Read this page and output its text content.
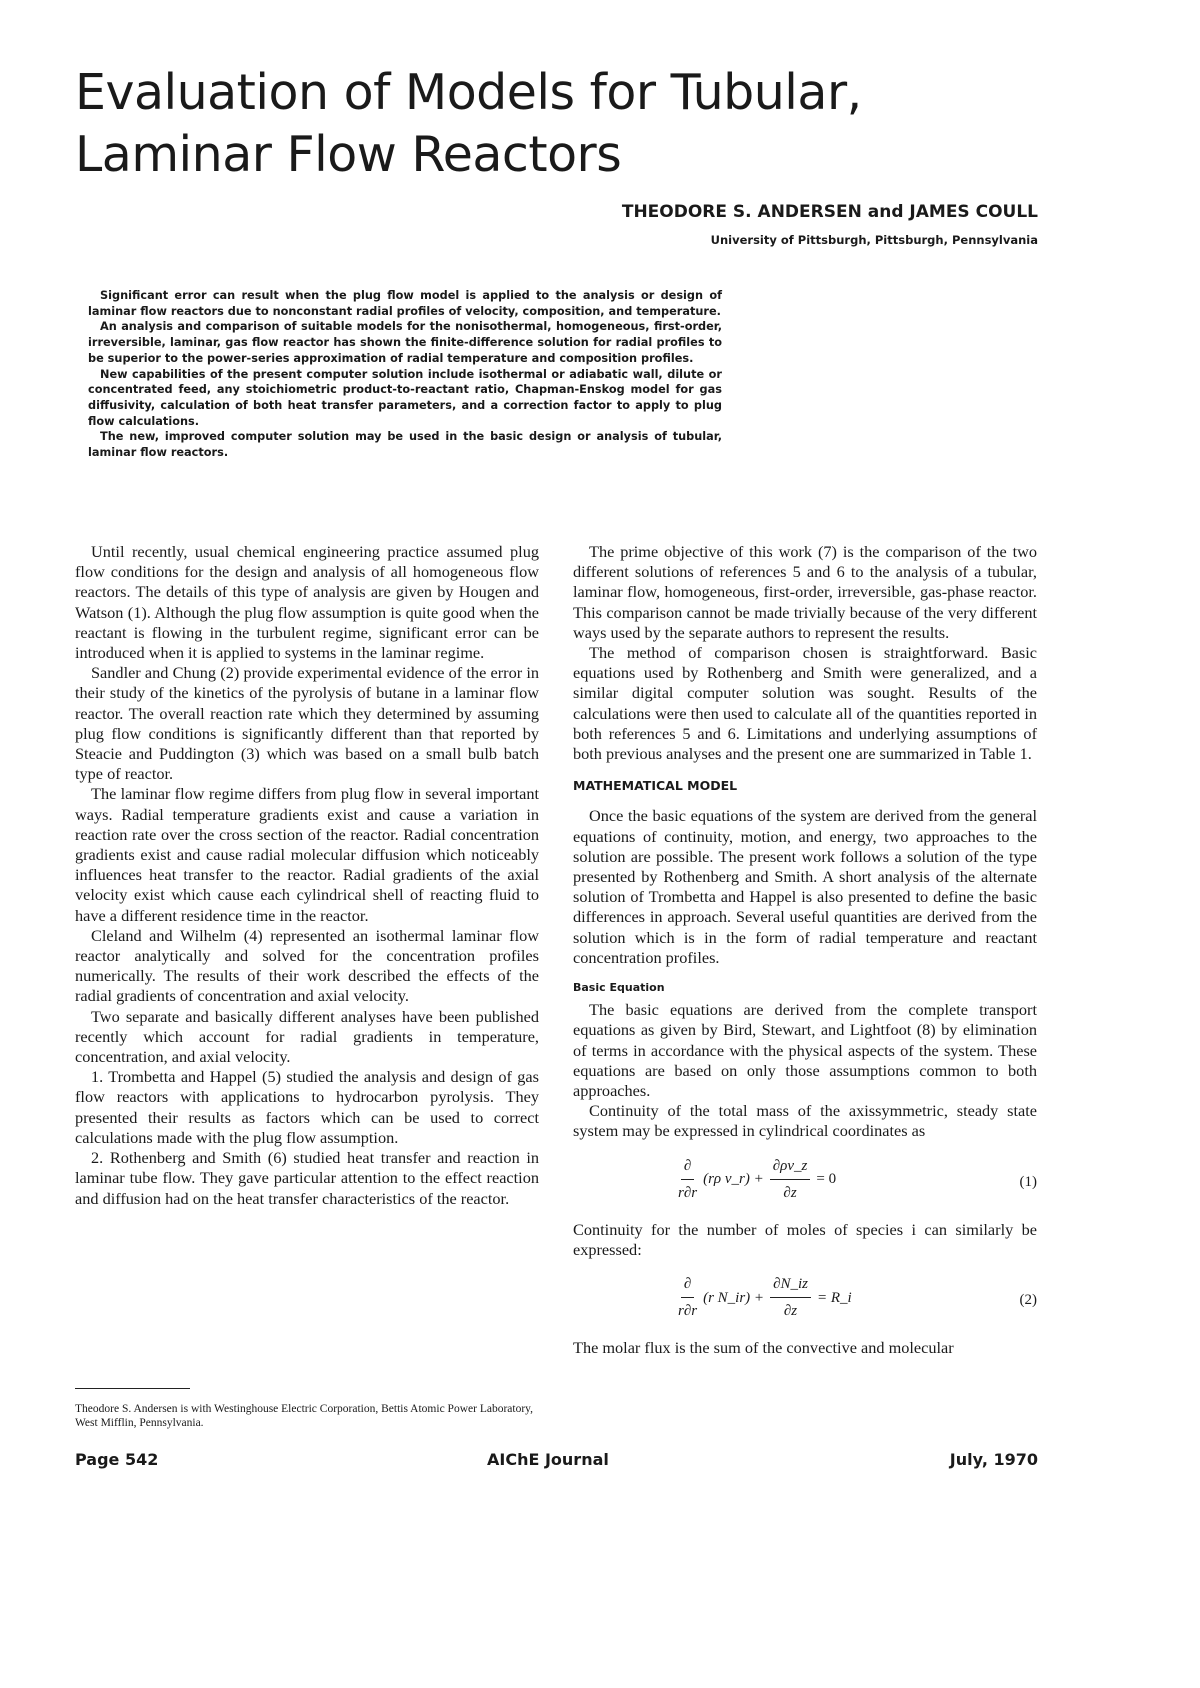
Evaluation of Models for Tubular,
Laminar Flow Reactors
THEODORE S. ANDERSEN and JAMES COULL
University of Pittsburgh, Pittsburgh, Pennsylvania

Significant error can result when the plug flow model is applied to the analysis or design of laminar flow reactors due to nonconstant radial profiles of velocity, composition, and temperature.

An analysis and comparison of suitable models for the nonisothermal, homogeneous, first-order, irreversible, laminar, gas flow reactor has shown the finite-difference solution for radial profiles to be superior to the power-series approximation of radial temperature and composition profiles.

New capabilities of the present computer solution include isothermal or adiabatic wall, dilute or concentrated feed, any stoichiometric product-to-reactant ratio, Chapman-Enskog model for gas diffusivity, calculation of both heat transfer parameters, and a correction factor to apply to plug flow calculations.

The new, improved computer solution may be used in the basic design or analysis of tubular, laminar flow reactors.

Until recently, usual chemical engineering practice assumed plug flow conditions for the design and analysis of all homogeneous flow reactors. The details of this type of analysis are given by Hougen and Watson (1). Although the plug flow assumption is quite good when the reactant is flowing in the turbulent regime, significant error can be introduced when it is applied to systems in the laminar regime.

Sandler and Chung (2) provide experimental evidence of the error in their study of the kinetics of the pyrolysis of butane in a laminar flow reactor. The overall reaction rate which they determined by assuming plug flow conditions is significantly different than that reported by Steacie and Puddington (3) which was based on a small bulb batch type of reactor.

The laminar flow regime differs from plug flow in several important ways. Radial temperature gradients exist and cause a variation in reaction rate over the cross section of the reactor. Radial concentration gradients exist and cause radial molecular diffusion which noticeably influences heat transfer to the reactor. Radial gradients of the axial velocity exist which cause each cylindrical shell of reacting fluid to have a different residence time in the reactor.

Cleland and Wilhelm (4) represented an isothermal laminar flow reactor analytically and solved for the concentration profiles numerically. The results of their work described the effects of the radial gradients of concentration and axial velocity.

Two separate and basically different analyses have been published recently which account for radial gradients in temperature, concentration, and axial velocity.

1. Trombetta and Happel (5) studied the analysis and design of gas flow reactors with applications to hydrocarbon pyrolysis. They presented their results as factors which can be used to correct calculations made with the plug flow assumption.

2. Rothenberg and Smith (6) studied heat transfer and reaction in laminar tube flow. They gave particular attention to the effect reaction and diffusion had on the heat transfer characteristics of the reactor.

The prime objective of this work (7) is the comparison of the two different solutions of references 5 and 6 to the analysis of a tubular, laminar flow, homogeneous, first-order, irreversible, gas-phase reactor. This comparison cannot be made trivially because of the very different ways used by the separate authors to represent the results.

The method of comparison chosen is straightforward. Basic equations used by Rothenberg and Smith were generalized, and a similar digital computer solution was sought. Results of the calculations were then used to calculate all of the quantities reported in both references 5 and 6. Limitations and underlying assumptions of both previous analyses and the present one are summarized in Table 1.

MATHEMATICAL MODEL

Once the basic equations of the system are derived from the general equations of continuity, motion, and energy, two approaches to the solution are possible. The present work follows a solution of the type presented by Rothenberg and Smith. A short analysis of the alternate solution of Trombetta and Happel is also presented to define the basic differences in approach. Several useful quantities are derived from the solution which is in the form of radial temperature and reactant concentration profiles.

Basic Equation

The basic equations are derived from the complete transport equations as given by Bird, Stewart, and Lightfoot (8) by elimination of terms in accordance with the physical aspects of the system. These equations are based on only those assumptions common to both approaches.

Continuity of the total mass of the axissymmetric, steady state system may be expressed in cylindrical coordinates as

$\frac{\partial}{r\partial r} (r\rho$ v_r) + $\frac{\partial\rho v\_z}{\partial z} = 0$	(1)

Continuity for the number of moles of species i can similarly be expressed:

$\frac{\partial}{r\partial r} (r$ N_ir) + $\frac{\partial N\_iz}{\partial z}$ = R_i	(2)

The molar flux is the sum of the convective and molecular

Theodore S. Andersen is with Westinghouse Electric Corporation, Bettis Atomic Power Laboratory, West Mifflin, Pennsylvania.
Page 542	AIChE Journal	July, 1970
